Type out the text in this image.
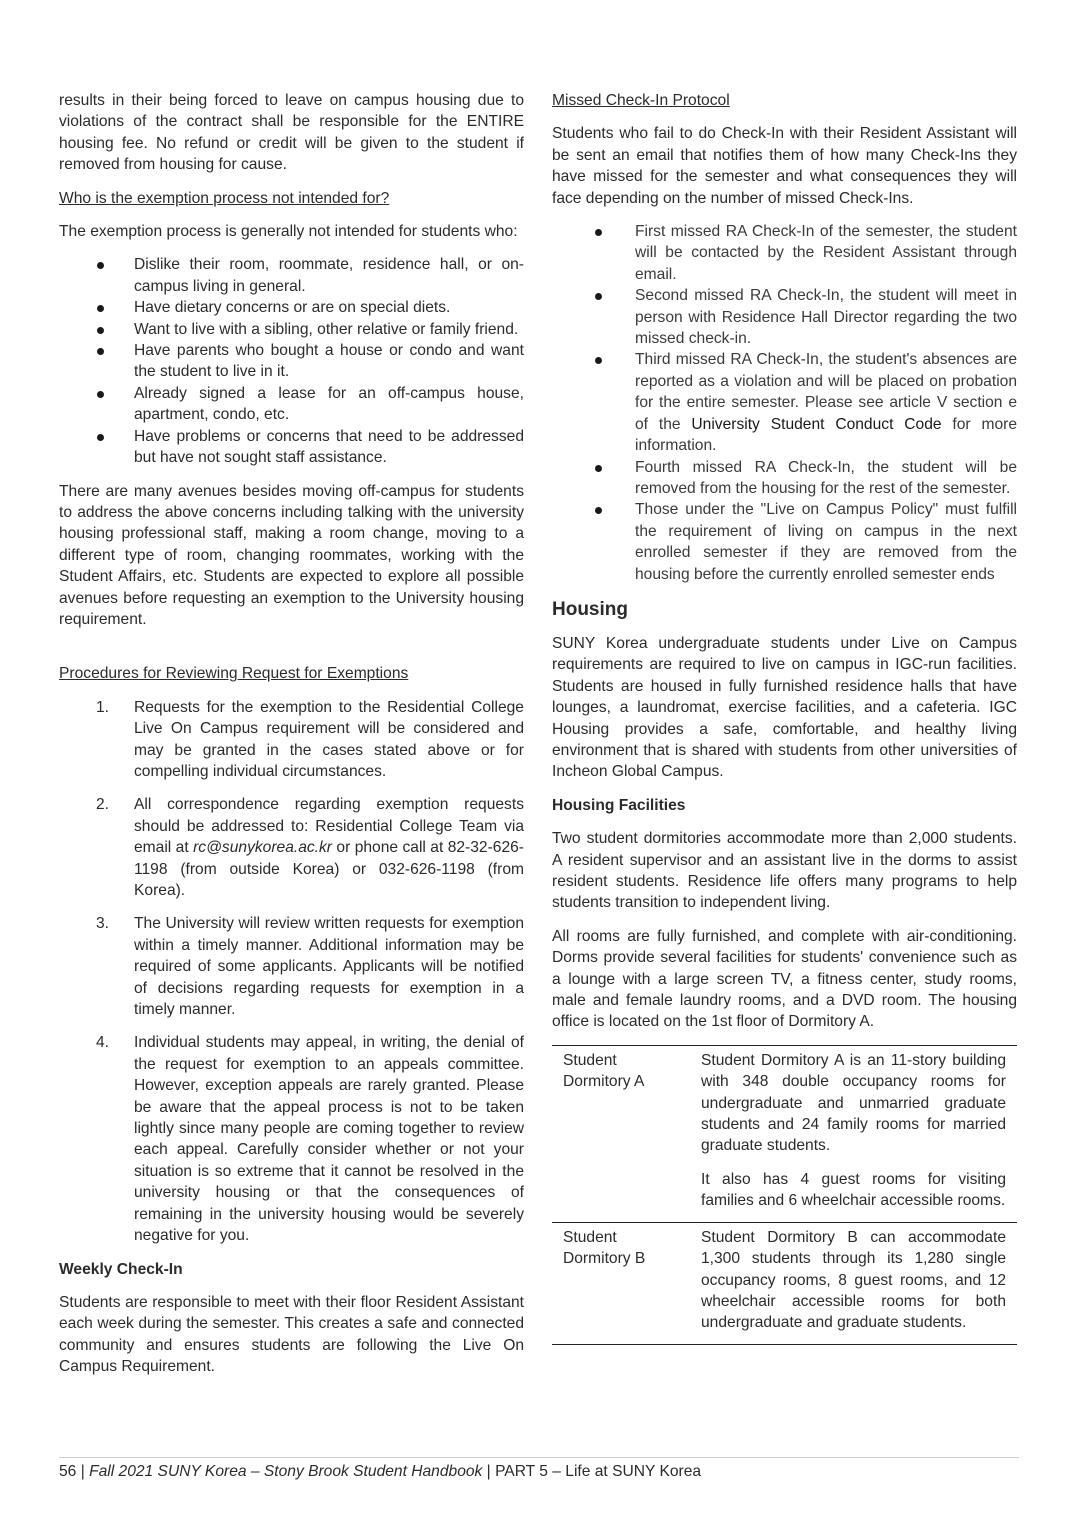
results in their being forced to leave on campus housing due to violations of the contract shall be responsible for the ENTIRE housing fee. No refund or credit will be given to the student if removed from housing for cause.

Who is the exemption process not intended for?

The exemption process is generally not intended for students who:

Dislike their room, roommate, residence hall, or on-campus living in general.
Have dietary concerns or are on special diets.
Want to live with a sibling, other relative or family friend.
Have parents who bought a house or condo and want the student to live in it.
Already signed a lease for an off-campus house, apartment, condo, etc.
Have problems or concerns that need to be addressed but have not sought staff assistance.

There are many avenues besides moving off-campus for students to address the above concerns including talking with the university housing professional staff, making a room change, moving to a different type of room, changing roommates, working with the Student Affairs, etc. Students are expected to explore all possible avenues before requesting an exemption to the University housing requirement.

Procedures for Reviewing Request for Exemptions
1. Requests for the exemption to the Residential College Live On Campus requirement will be considered and may be granted in the cases stated above or for compelling individual circumstances.
2. All correspondence regarding exemption requests should be addressed to: Residential College Team via email at rc@sunykorea.ac.kr or phone call at 82-32-626-1198 (from outside Korea) or 032-626-1198 (from Korea).
3. The University will review written requests for exemption within a timely manner. Additional information may be required of some applicants. Applicants will be notified of decisions regarding requests for exemption in a timely manner.
4. Individual students may appeal, in writing, the denial of the request for exemption to an appeals committee. However, exception appeals are rarely granted. Please be aware that the appeal process is not to be taken lightly since many people are coming together to review each appeal. Carefully consider whether or not your situation is so extreme that it cannot be resolved in the university housing or that the consequences of remaining in the university housing would be severely negative for you.
Weekly Check-In

Students are responsible to meet with their floor Resident Assistant each week during the semester. This creates a safe and connected community and ensures students are following the Live On Campus Requirement.

Missed Check-In Protocol

Students who fail to do Check-In with their Resident Assistant will be sent an email that notifies them of how many Check-Ins they have missed for the semester and what consequences they will face depending on the number of missed Check-Ins.

First missed RA Check-In of the semester, the student will be contacted by the Resident Assistant through email.
Second missed RA Check-In, the student will meet in person with Residence Hall Director regarding the two missed check-in.
Third missed RA Check-In, the student's absences are reported as a violation and will be placed on probation for the entire semester. Please see article V section e of the University Student Conduct Code for more information.
Fourth missed RA Check-In, the student will be removed from the housing for the rest of the semester.
Those under the "Live on Campus Policy" must fulfill the requirement of living on campus in the next enrolled semester if they are removed from the housing before the currently enrolled semester ends
Housing

SUNY Korea undergraduate students under Live on Campus requirements are required to live on campus in IGC-run facilities. Students are housed in fully furnished residence halls that have lounges, a laundromat, exercise facilities, and a cafeteria. IGC Housing provides a safe, comfortable, and healthy living environment that is shared with students from other universities of Incheon Global Campus.

Housing Facilities

Two student dormitories accommodate more than 2,000 students. A resident supervisor and an assistant live in the dorms to assist resident students. Residence life offers many programs to help students transition to independent living.

All rooms are fully furnished, and complete with air-conditioning. Dorms provide several facilities for students' convenience such as a lounge with a large screen TV, a fitness center, study rooms, male and female laundry rooms, and a DVD room. The housing office is located on the 1st floor of Dormitory A.

Student Dormitory A	Student Dormitory A is an 11-story building with 348 double occupancy rooms for undergraduate and unmarried graduate students and 24 family rooms for married graduate students.

It also has 4 guest rooms for visiting families and 6 wheelchair accessible rooms.

Student Dormitory B	Student Dormitory B can accommodate 1,300 students through its 1,280 single occupancy rooms, 8 guest rooms, and 12 wheelchair accessible rooms for both undergraduate and graduate students.

56 | Fall 2021 SUNY Korea – Stony Brook Student Handbook | PART 5 – Life at SUNY Korea
